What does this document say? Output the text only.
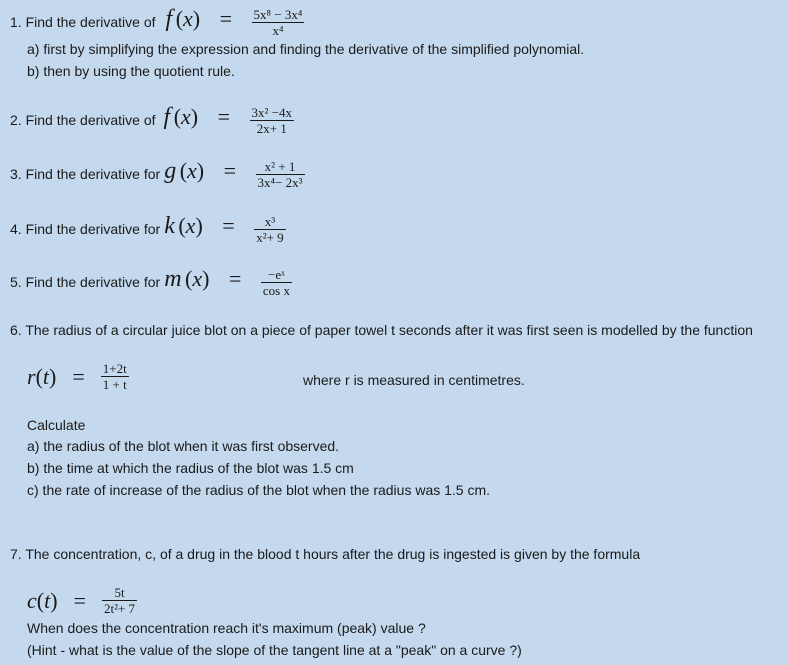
1. Find the derivative of f $(x) = \frac{\text{5x⁸ − 3x⁴}}{\text{x⁴}}$
a) first by simplifying the expression and finding the derivative of the simplified polynomial.
b) then by using the quotient rule.
2. Find the derivative of f $(x) = \frac{\text{3x² −4x}}{2x+ 1}$
3. Find the derivative for g $(x) = \frac{\text{x² + 1}}{\text{3x⁴− 2x³}}$
4. Find the derivative for k $(x) = \frac{\text{x³}}{\text{x²+ 9}}$
5. Find the derivative for m $(x) = \frac{\text{−eˣ}}{\text{cos x}}$
6. The radius of a circular juice blot on a piece of paper towel t seconds after it was first seen is modelled by the function
r ( t ) = $\frac{1+2t}{1 + t}$	where r is measured in centimetres.
Calculate
a) the radius of the blot when it was first observed.
b) the time at which the radius of the blot was 1.5 cm
c) the rate of increase of the radius of the blot when the radius was 1.5 cm.
7. The concentration, c, of a drug in the blood t hours after the drug is ingested is given by the formula
c ( t ) = $\frac{5t}{\text{2t²+ 7}}$
When does the concentration reach it's maximum (peak) value ?
(Hint - what is the value of the slope of the tangent line at a "peak" on a curve ?)
